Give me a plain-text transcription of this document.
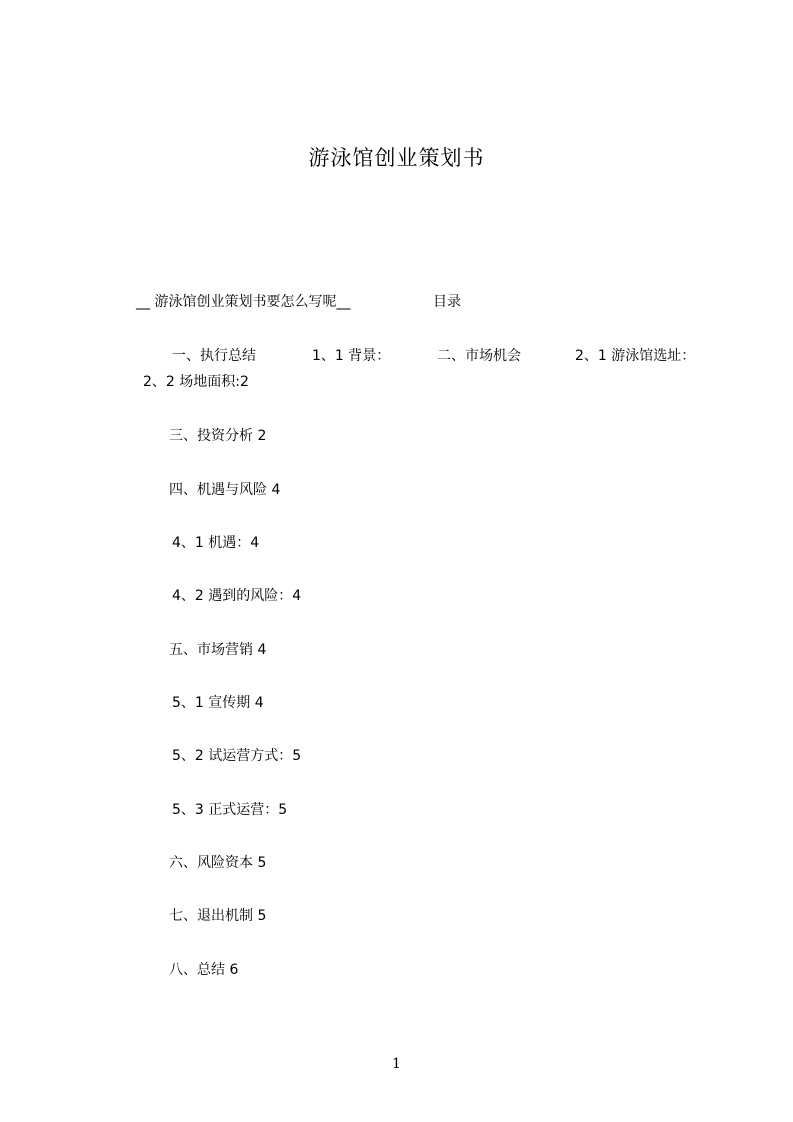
游泳馆创业策划书
__ 游泳馆创业策划书要怎么写呢__	目录
一、执行总结	1、1 背景：	二、市场机会	2、1 游泳馆选址：
2、2 场地面积:2
三、投资分析 2
四、机遇与风险 4
4、1 机遇：4
4、2 遇到的风险：4
五、市场营销 4
5、1 宣传期 4
5、2 试运营方式：5
5、3 正式运营：5
六、风险资本 5
七、退出机制 5
八、总结 6
1
